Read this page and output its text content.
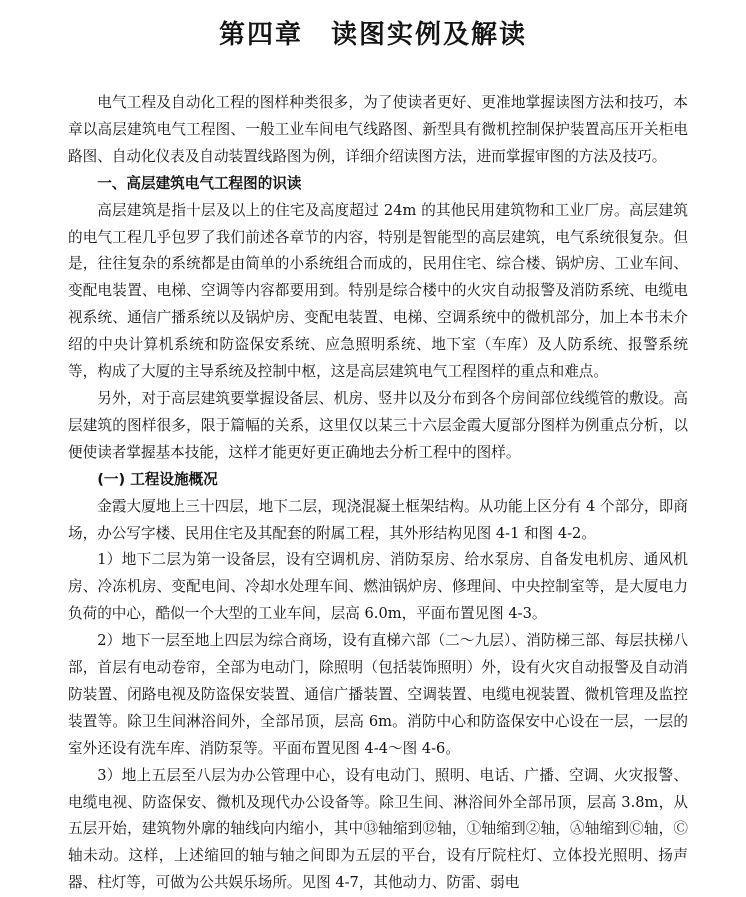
第四章　读图实例及解读

电气工程及自动化工程的图样种类很多，为了使读者更好、更准地掌握读图方法和技巧，本章以高层建筑电气工程图、一般工业车间电气线路图、新型具有微机控制保护装置高压开关柜电路图、自动化仪表及自动装置线路图为例，详细介绍读图方法，进而掌握审图的方法及技巧。

一、高层建筑电气工程图的识读

高层建筑是指十层及以上的住宅及高度超过 24m 的其他民用建筑物和工业厂房。高层建筑的电气工程几乎包罗了我们前述各章节的内容，特别是智能型的高层建筑，电气系统很复杂。但是，往往复杂的系统都是由简单的小系统组合而成的，民用住宅、综合楼、锅炉房、工业车间、变配电装置、电梯、空调等内容都要用到。特别是综合楼中的火灾自动报警及消防系统、电缆电视系统、通信广播系统以及锅炉房、变配电装置、电梯、空调系统中的微机部分，加上本书未介绍的中央计算机系统和防盗保安系统、应急照明系统、地下室（车库）及人防系统、报警系统等，构成了大厦的主导系统及控制中枢，这是高层建筑电气工程图样的重点和难点。

另外，对于高层建筑要掌握设备层、机房、竖井以及分布到各个房间部位线缆管的敷设。高层建筑的图样很多，限于篇幅的关系，这里仅以某三十六层金霞大厦部分图样为例重点分析，以便使读者掌握基本技能，这样才能更好更正确地去分析工程中的图样。

(一) 工程设施概况

金霞大厦地上三十四层，地下二层，现浇混凝土框架结构。从功能上区分有 4 个部分，即商场，办公写字楼、民用住宅及其配套的附属工程，其外形结构见图 4-1 和图 4-2。

1）地下二层为第一设备层，设有空调机房、消防泵房、给水泵房、自备发电机房、通风机房、冷冻机房、变配电间、冷却水处理车间、燃油锅炉房、修理间、中央控制室等，是大厦电力负荷的中心，酷似一个大型的工业车间，层高 6.0m，平面布置见图 4-3。

2）地下一层至地上四层为综合商场，设有直梯六部（二～九层）、消防梯三部、每层扶梯八部，首层有电动卷帘，全部为电动门，除照明（包括装饰照明）外，设有火灾自动报警及自动消防装置、闭路电视及防盗保安装置、通信广播装置、空调装置、电缆电视装置、微机管理及监控装置等。除卫生间淋浴间外，全部吊顶，层高 6m。消防中心和防盗保安中心设在一层，一层的室外还设有洗车库、消防泵等。平面布置见图 4-4～图 4-6。

3）地上五层至八层为办公管理中心，设有电动门、照明、电话、广播、空调、火灾报警、电缆电视、防盗保安、微机及现代办公设备等。除卫生间、淋浴间外全部吊顶，层高 3.8m，从五层开始，建筑物外廓的轴线向内缩小，其中⑬轴缩到⑫轴，①轴缩到②轴，Ⓐ轴缩到Ⓒ轴，Ⓒ轴未动。这样，上述缩回的轴与轴之间即为五层的平台，设有厅院柱灯、立体投光照明、扬声器、柱灯等，可做为公共娱乐场所。见图 4-7，其他动力、防雷、弱电
